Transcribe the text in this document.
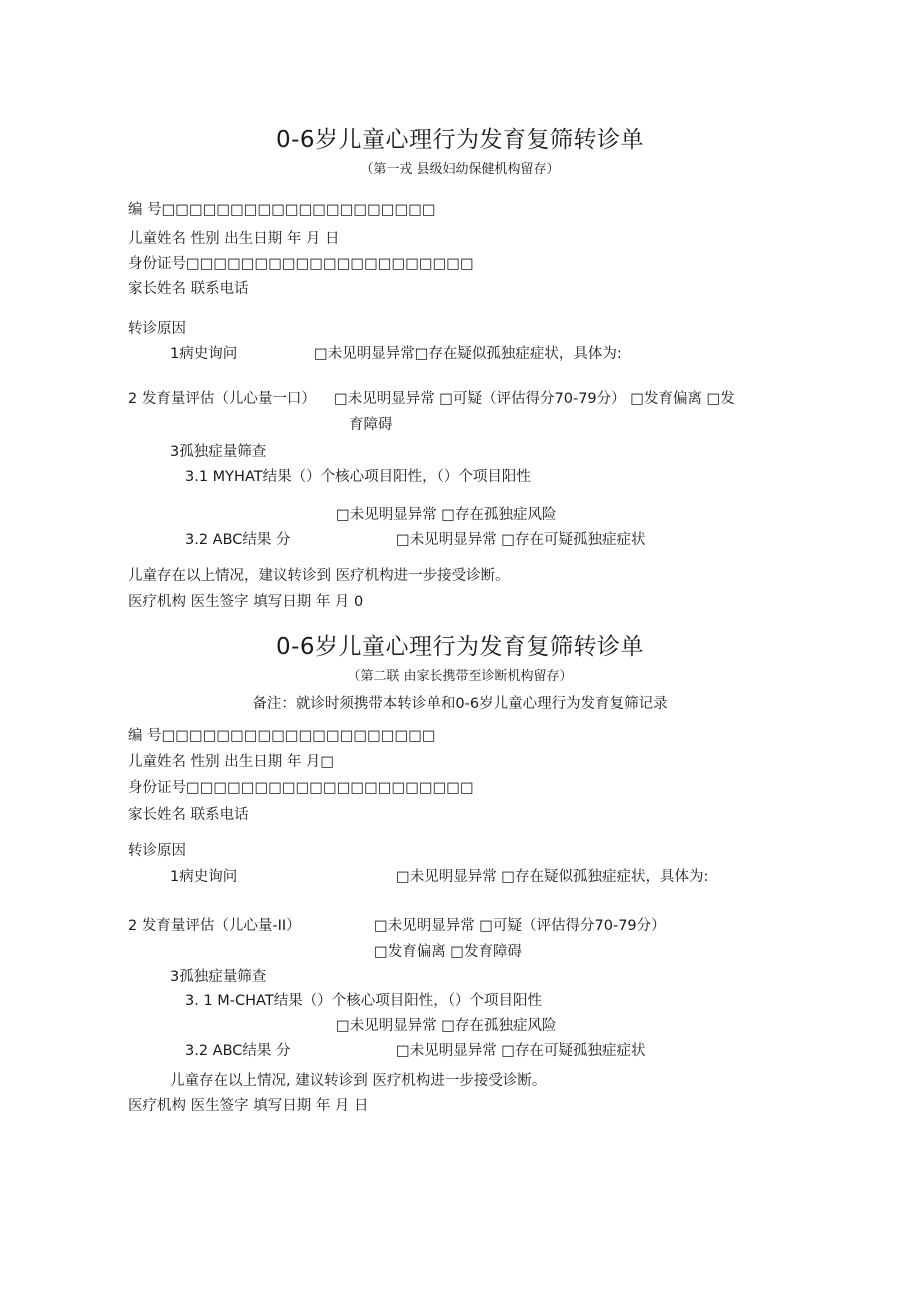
0-6岁儿童心理行为发育复筛转诊单
（第一戎 县级妇幼保健机构留存）
编 号□□□□□□□□□□□□□□□□□□□□
儿童姓名 性别 出生日期 年 月 日
身份证号□□□□□□□□□□□□□□□□□□□□□
家长姓名 联系电话
转诊原因
1病史询问	□未见明显异常□存在疑似孤独症症状，具体为:
2 发育量评估（儿心量一口） □未见明显异常 □可疑（评估得分70-79分） □发育偏离 □发
育障碍
3孤独症量筛查
3.1 MYHAT结果（）个核心项目阳性，（）个项目阳性
□未见明显异常 □存在孤独症风险
3.2 ABC结果 分	□未见明显异常 □存在可疑孤独症症状
儿童存在以上情况，建议转诊到 医疗机构进一步接受诊断。
医疗机构 医生签字 填写日期 年 月 0
0-6岁儿童心理行为发育复筛转诊单
（第二联 由家长携带至诊断机构留存）
备注：就诊时须携带本转诊单和0-6岁儿童心理行为发育复筛记录
编 号□□□□□□□□□□□□□□□□□□□□
儿童姓名 性别 出生日期 年 月□
身份证号□□□□□□□□□□□□□□□□□□□□□
家长姓名 联系电话
转诊原因
1病史询问	□未见明显异常 □存在疑似孤独症症状，具体为:
2 发育量评估（儿心量-II）	□未见明显异常 □可疑（评估得分70-79分）
□发育偏离 □发育障碍
3孤独症量筛查
3. 1 M-CHAT结果（）个核心项目阳性，（）个项目阳性
□未见明显异常 □存在孤独症风险
3.2 ABC结果 分	□未见明显异常 □存在可疑孤独症症状
儿童存在以上情况, 建议转诊到 医疗机构进一步接受诊断。
医疗机构 医生签字 填写日期 年 月 日
